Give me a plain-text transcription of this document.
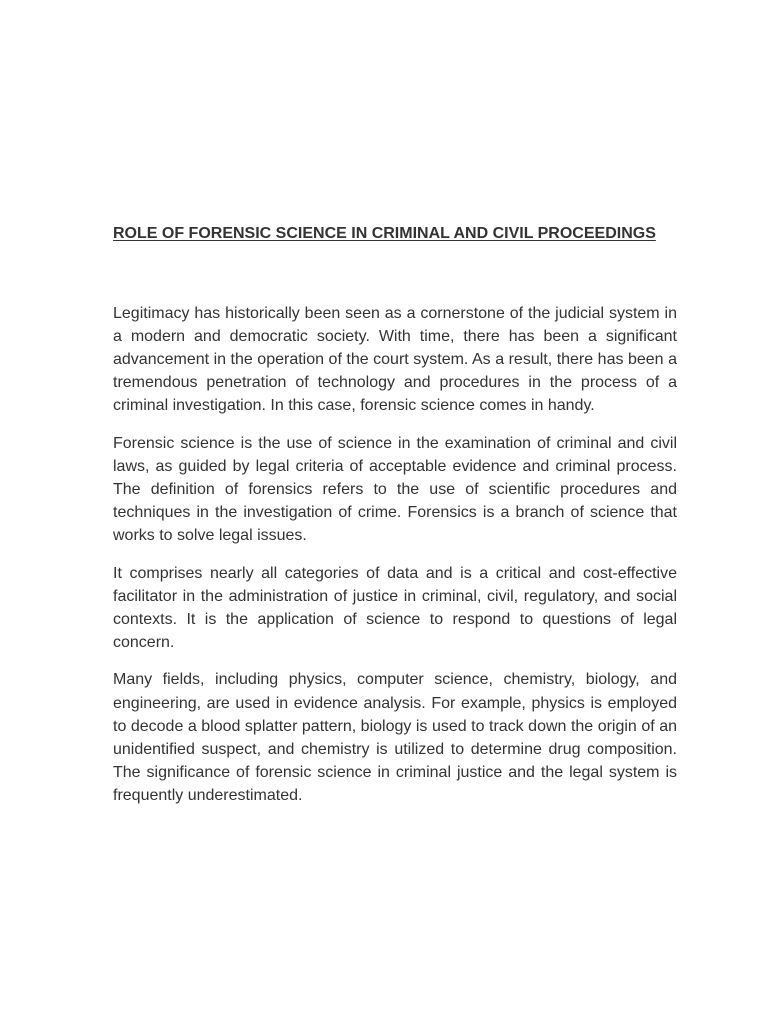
ROLE OF FORENSIC SCIENCE IN CRIMINAL AND CIVIL PROCEEDINGS

Legitimacy has historically been seen as a cornerstone of the judicial system in a modern and democratic society. With time, there has been a significant advancement in the operation of the court system. As a result, there has been a tremendous penetration of technology and procedures in the process of a criminal investigation. In this case, forensic science comes in handy.

Forensic science is the use of science in the examination of criminal and civil laws, as guided by legal criteria of acceptable evidence and criminal process. The definition of forensics refers to the use of scientific procedures and techniques in the investigation of crime. Forensics is a branch of science that works to solve legal issues.

It comprises nearly all categories of data and is a critical and cost-effective facilitator in the administration of justice in criminal, civil, regulatory, and social contexts. It is the application of science to respond to questions of legal concern.

Many fields, including physics, computer science, chemistry, biology, and engineering, are used in evidence analysis. For example, physics is employed to decode a blood splatter pattern, biology is used to track down the origin of an unidentified suspect, and chemistry is utilized to determine drug composition. The significance of forensic science in criminal justice and the legal system is frequently underestimated.
